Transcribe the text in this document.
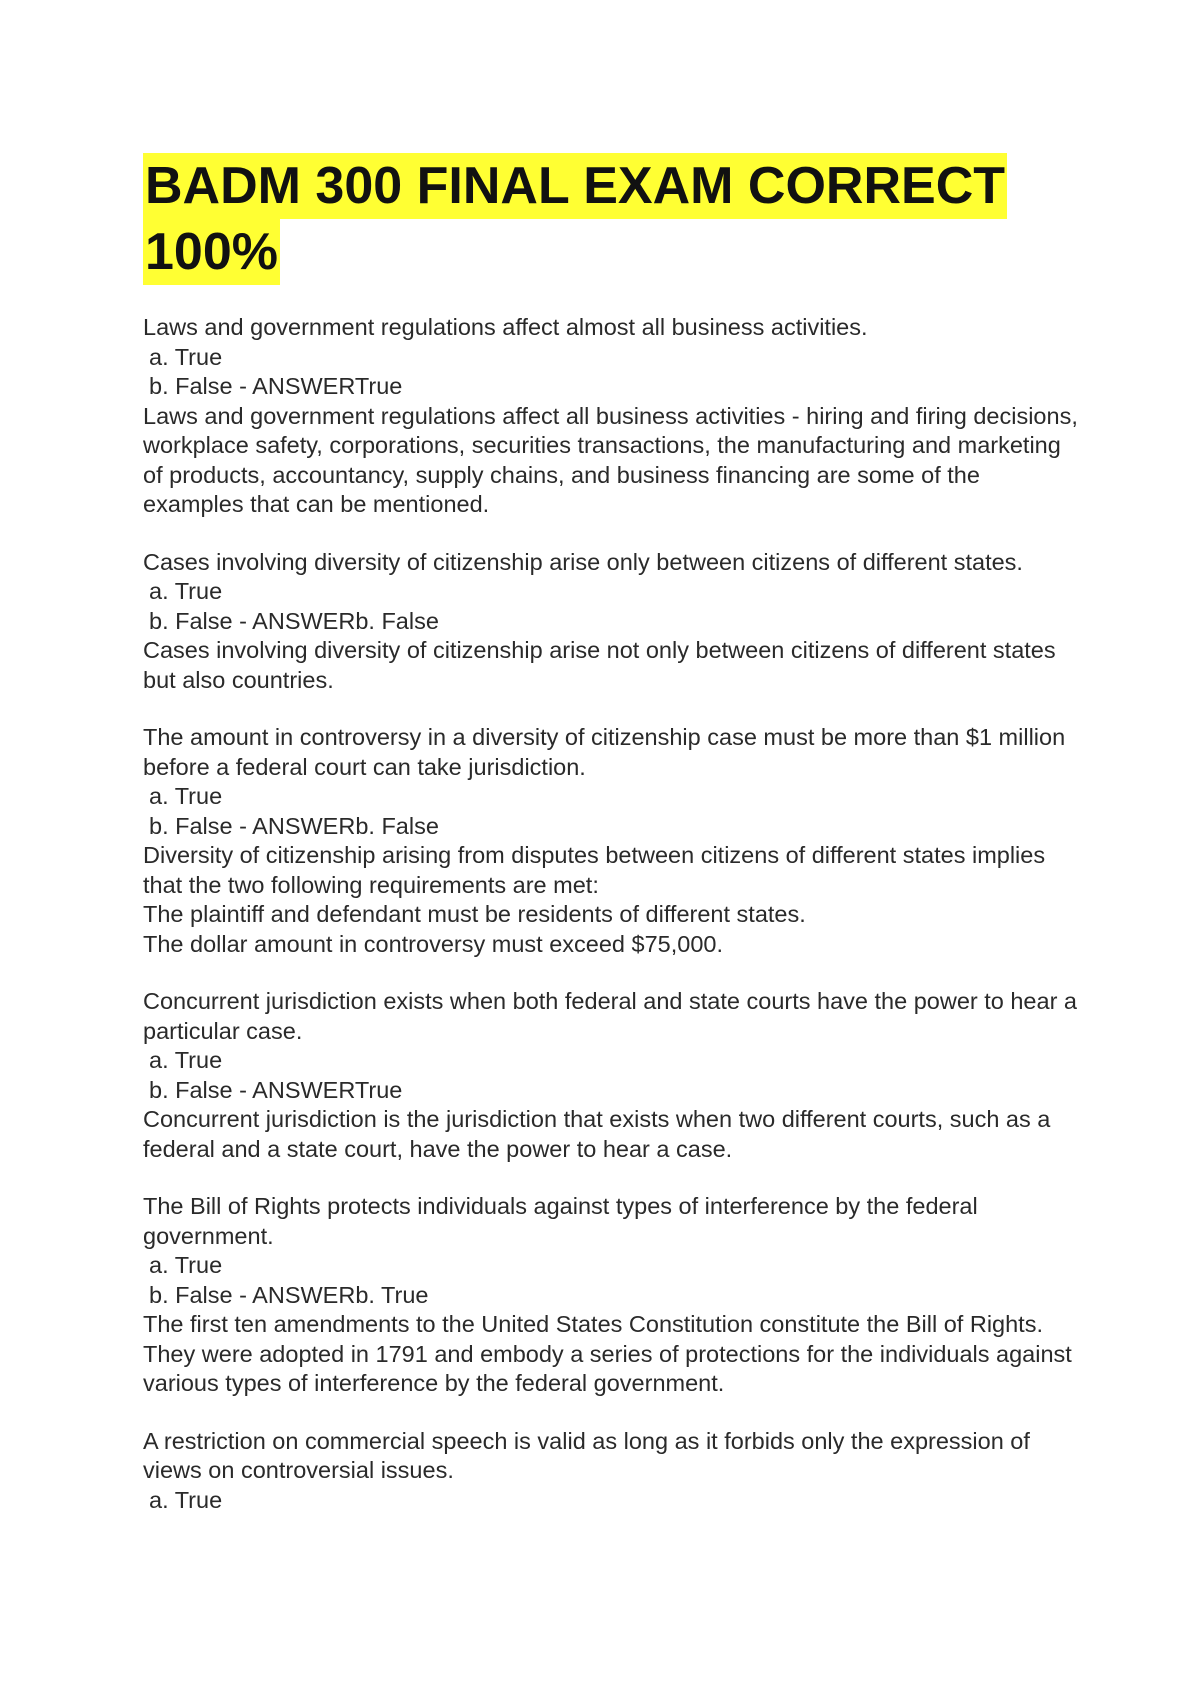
BADM 300 FINAL EXAM CORRECT
100%

Laws and government regulations affect almost all business activities.

a. True

b. False - ANSWERTrue

Laws and government regulations affect all business activities - hiring and firing decisions, workplace safety, corporations, securities transactions, the manufacturing and marketing of products, accountancy, supply chains, and business financing are some of the examples that can be mentioned.

Cases involving diversity of citizenship arise only between citizens of different states.

a. True

b. False - ANSWERb. False

Cases involving diversity of citizenship arise not only between citizens of different states but also countries.

The amount in controversy in a diversity of citizenship case must be more than $1 million before a federal court can take jurisdiction.

a. True

b. False - ANSWERb. False

Diversity of citizenship arising from disputes between citizens of different states implies that the two following requirements are met:

The plaintiff and defendant must be residents of different states.

The dollar amount in controversy must exceed $75,000.

Concurrent jurisdiction exists when both federal and state courts have the power to hear a particular case.

a. True

b. False - ANSWERTrue

Concurrent jurisdiction is the jurisdiction that exists when two different courts, such as a federal and a state court, have the power to hear a case.

The Bill of Rights protects individuals against types of interference by the federal government.

a. True

b. False - ANSWERb. True

The first ten amendments to the United States Constitution constitute the Bill of Rights. They were adopted in 1791 and embody a series of protections for the individuals against various types of interference by the federal government.

A restriction on commercial speech is valid as long as it forbids only the expression of views on controversial issues.

a. True
